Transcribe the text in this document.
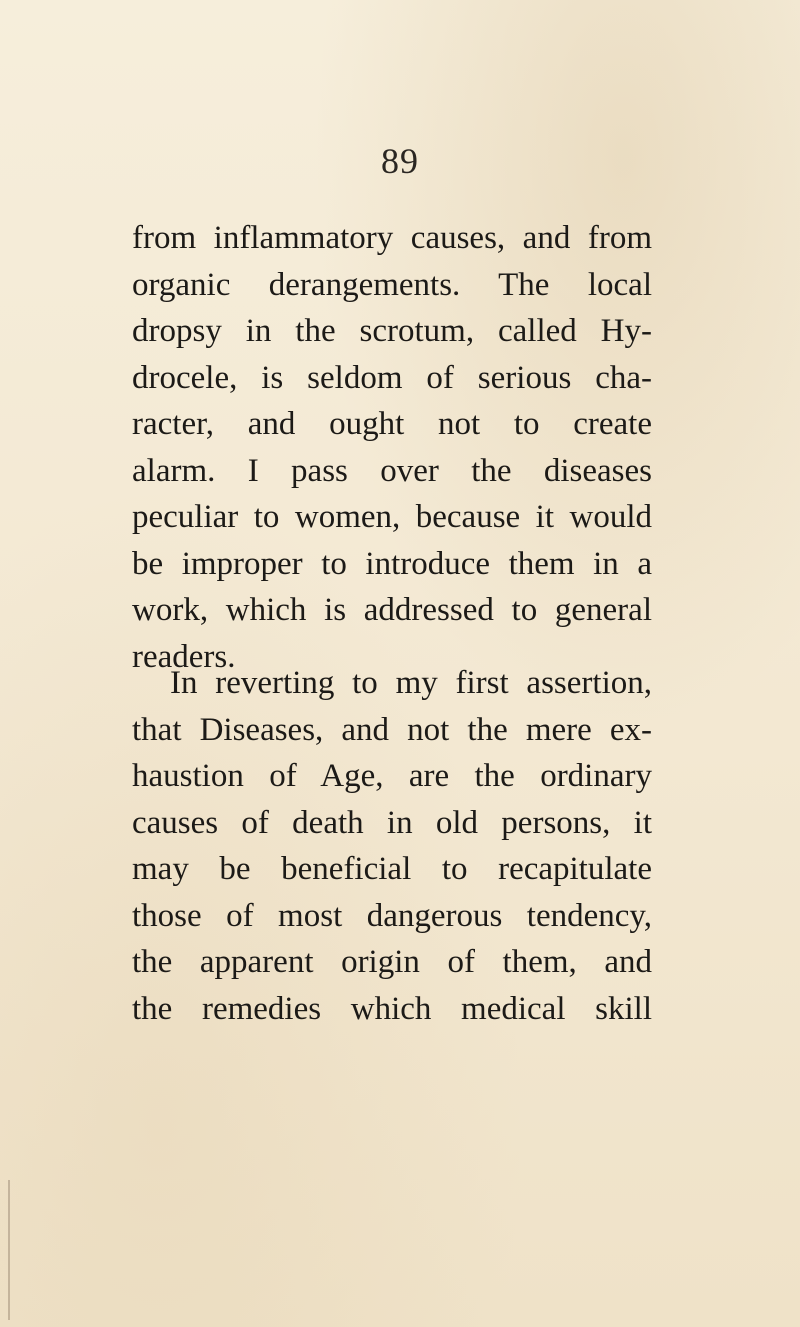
89
from inflammatory causes, and from
organic derangements. The local
dropsy in the scrotum, called Hy-
drocele, is seldom of serious cha-
racter, and ought not to create
alarm. I pass over the diseases
peculiar to women, because it would
be improper to introduce them in a
work, which is addressed to general
readers.
In reverting to my first assertion,
that Diseases, and not the mere ex-
haustion of Age, are the ordinary
causes of death in old persons, it
may be beneficial to recapitulate
those of most dangerous tendency,
the apparent origin of them, and
the remedies which medical skill
